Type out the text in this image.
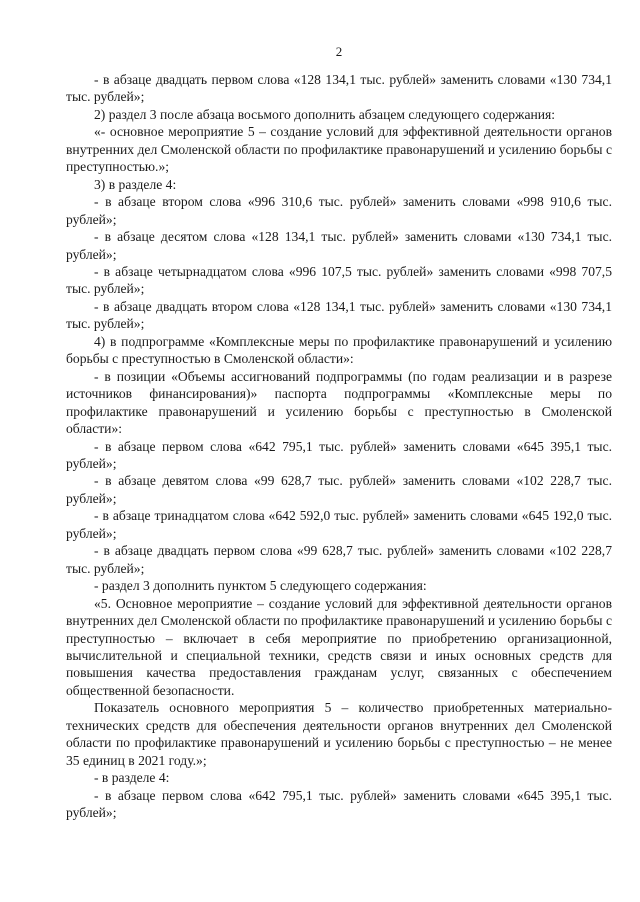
2

- в абзаце двадцать первом слова «128 134,1 тыс. рублей» заменить словами «130 734,1 тыс. рублей»;

2) раздел 3 после абзаца восьмого дополнить абзацем следующего содержания:

«- основное мероприятие 5 – создание условий для эффективной деятельности органов внутренних дел Смоленской области по профилактике правонарушений и усилению борьбы с преступностью.»;

3) в разделе 4:

- в абзаце втором слова «996 310,6 тыс. рублей» заменить словами «998 910,6 тыс. рублей»;

- в абзаце десятом слова «128 134,1 тыс. рублей» заменить словами «130 734,1 тыс. рублей»;

- в абзаце четырнадцатом слова «996 107,5 тыс. рублей» заменить словами «998 707,5 тыс. рублей»;

- в абзаце двадцать втором слова «128 134,1 тыс. рублей» заменить словами «130 734,1 тыс. рублей»;

4) в подпрограмме «Комплексные меры по профилактике правонарушений и усилению борьбы с преступностью в Смоленской области»:

- в позиции «Объемы ассигнований подпрограммы (по годам реализации и в разрезе источников финансирования)» паспорта подпрограммы «Комплексные меры по профилактике правонарушений и усилению борьбы с преступностью в Смоленской области»:

- в абзаце первом слова «642 795,1 тыс. рублей» заменить словами «645 395,1 тыс. рублей»;

- в абзаце девятом слова «99 628,7 тыс. рублей» заменить словами «102 228,7 тыс. рублей»;

- в абзаце тринадцатом слова «642 592,0 тыс. рублей» заменить словами «645 192,0 тыс. рублей»;

- в абзаце двадцать первом слова «99 628,7 тыс. рублей» заменить словами «102 228,7 тыс. рублей»;

- раздел 3 дополнить пунктом 5 следующего содержания:

«5. Основное мероприятие – создание условий для эффективной деятельности органов внутренних дел Смоленской области по профилактике правонарушений и усилению борьбы с преступностью – включает в себя мероприятие по приобретению организационной, вычислительной и специальной техники, средств связи и иных основных средств для повышения качества предоставления гражданам услуг, связанных с обеспечением общественной безопасности.

Показатель основного мероприятия 5 – количество приобретенных материально-технических средств для обеспечения деятельности органов внутренних дел Смоленской области по профилактике правонарушений и усилению борьбы с преступностью – не менее 35 единиц в 2021 году.»;

- в разделе 4:

- в абзаце первом слова «642 795,1 тыс. рублей» заменить словами «645 395,1 тыс. рублей»;
